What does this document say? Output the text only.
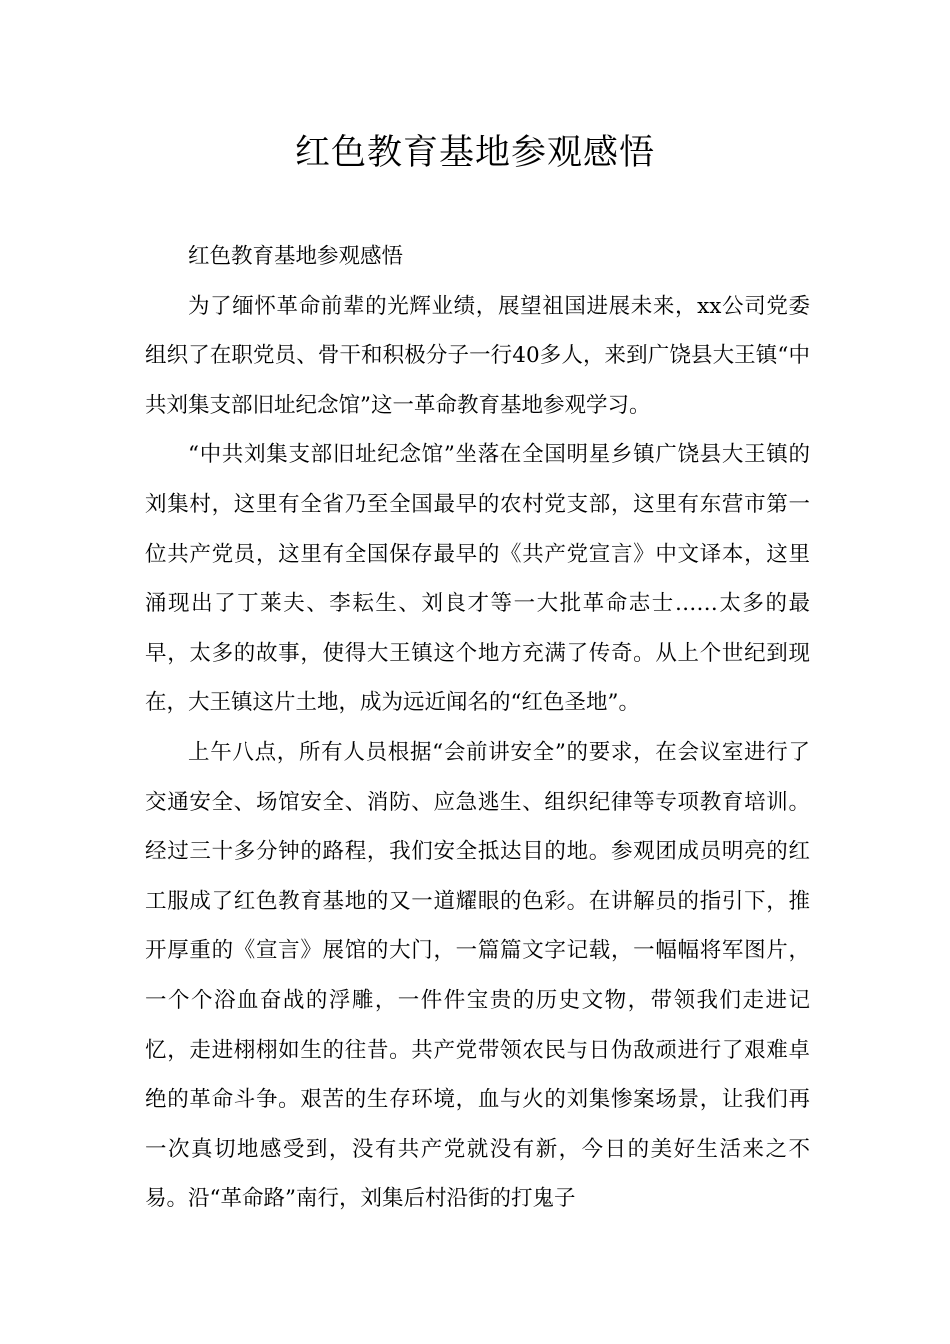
红色教育基地参观感悟

红色教育基地参观感悟

为了缅怀革命前辈的光辉业绩，展望祖国进展未来，xx公司党委组织了在职党员、骨干和积极分子一行40多人，来到广饶县大王镇“中共刘集支部旧址纪念馆”这一革命教育基地参观学习。

“中共刘集支部旧址纪念馆”坐落在全国明星乡镇广饶县大王镇的刘集村，这里有全省乃至全国最早的农村党支部，这里有东营市第一位共产党员，这里有全国保存最早的《共产党宣言》中文译本，这里涌现出了丁莱夫、李耘生、刘良才等一大批革命志士……太多的最早，太多的故事，使得大王镇这个地方充满了传奇。从上个世纪到现在，大王镇这片土地，成为远近闻名的“红色圣地”。

上午八点，所有人员根据“会前讲安全”的要求，在会议室进行了交通安全、场馆安全、消防、应急逃生、组织纪律等专项教育培训。经过三十多分钟的路程，我们安全抵达目的地。参观团成员明亮的红工服成了红色教育基地的又一道耀眼的色彩。在讲解员的指引下，推开厚重的《宣言》展馆的大门，一篇篇文字记载，一幅幅将军图片，一个个浴血奋战的浮雕，一件件宝贵的历史文物，带领我们走进记忆，走进栩栩如生的往昔。共产党带领农民与日伪敌顽进行了艰难卓绝的革命斗争。艰苦的生存环境，血与火的刘集惨案场景，让我们再一次真切地感受到，没有共产党就没有新，今日的美好生活来之不易。沿“革命路”南行，刘集后村沿街的打鬼子
